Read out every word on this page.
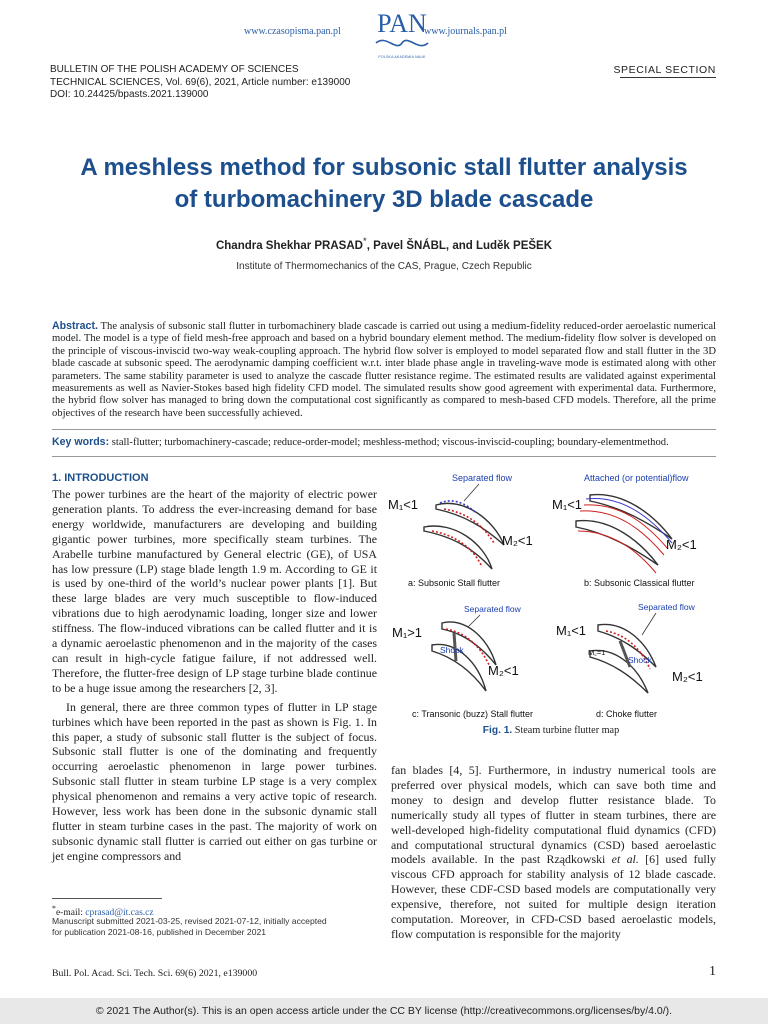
www.czasopisma.pan.pl PAN
POLSKA AKADEMIA NAUK
www.journals.pan.pl
BULLETIN OF THE POLISH ACADEMY OF SCIENCES
TECHNICAL SCIENCES, Vol. 69(6), 2021, Article number: e139000
DOI: 10.24425/bpasts.2021.139000
SPECIAL SECTION
A meshless method for subsonic stall flutter analysis
of turbomachinery 3D blade cascade
Chandra Shekhar PRASAD*, Pavel ŠNÁBL, and Luděk PEŠEK
Institute of Thermomechanics of the CAS, Prague, Czech Republic
Abstract. The analysis of subsonic stall flutter in turbomachinery blade cascade is carried out using a medium-fidelity reduced-order aeroelastic numerical model. The model is a type of field mesh-free approach and based on a hybrid boundary element method. The medium-fidelity flow solver is developed on the principle of viscous-inviscid two-way weak-coupling approach. The hybrid flow solver is employed to model separated flow and stall flutter in the 3D blade cascade at subsonic speed. The aerodynamic damping coefficient w.r.t. inter blade phase angle in traveling-wave mode is estimated along with other parameters. The same stability parameter is used to analyze the cascade flutter resistance regime. The estimated results are validated against experimental measurements as well as Navier-Stokes based high fidelity CFD model. The simulated results show good agreement with experimental data. Furthermore, the hybrid flow solver has managed to bring down the computational cost significantly as compared to mesh-based CFD models. Therefore, all the prime objectives of the research have been successfully achieved.
Key words: stall-flutter; turbomachinery-cascade; reduce-order-model; meshless-method; viscous-inviscid-coupling; boundary-elementmethod.
1. INTRODUCTION

The power turbines are the heart of the majority of electric power generation plants. To address the ever-increasing demand for base energy worldwide, manufacturers are developing and building gigantic power turbines, more specifically steam turbines. The Arabelle turbine manufactured by General electric (GE), of USA has low pressure (LP) stage blade length 1.9 m. According to GE it is used by one-third of the world’s nuclear power plants [1]. But these large blades are very much susceptible to flow-induced vibrations due to high aerodynamic loading, longer size and lower stiffness. The flow-induced vibrations can be called flutter and it is a dynamic aeroelastic phenomenon and in the majority of the cases can result in high-cycle fatigue failure, if not addressed well. Therefore, the flutter-free design of LP stage turbine blade continue to be a huge issue among the researchers [2, 3].

In general, there are three common types of flutter in LP stage turbines which have been reported in the past as shown is Fig. 1. In this paper, a study of subsonic stall flutter is the subject of focus. Subsonic stall flutter is one of the dominating and frequently occurring aeroelastic phenomenon in large power turbines. Subsonic stall flutter in steam turbine LP stage is a very complex physical phenomenon and remains a very active topic of research. However, less work has been done in the subsonic dynamic stall flutter in steam turbine cases in the past. The majority of work on subsonic dynamic stall flutter is carried out either on gas turbine or jet engine compressors and

Separated flow
M₁<1
M₂<1
a: Subsonic Stall flutter
Attached (or potential)flow
M₁<1
M₂<1
b: Subsonic Classical flutter
Separated flow
M₁>1
Shock
M₂<1
c: Transonic (buzz) Stall flutter
Separated flow
M₁<1
M꜀=1
Shock
M₂<1
d: Choke flutter
Fig. 1. Steam turbine flutter map

fan blades [4, 5]. Furthermore, in industry numerical tools are preferred over physical models, which can save both time and money to design and develop flutter resistance blade. To numerically study all types of flutter in steam turbines, there are well-developed high-fidelity computational fluid dynamics (CFD) and computational structural dynamics (CSD) based aeroelastic models available. In the past Rządkowski et al. [6] used fully viscous CFD approach for stability analysis of 12 blade cascade. However, these CDF-CSD based models are computationally very expensive, therefore, not suited for multiple design iteration computation. Moreover, in CFD-CSD based aeroelastic models, flow computation is responsible for the majority

*e-mail: cprasad@it.cas.cz
Manuscript submitted 2021-03-25, revised 2021-07-12, initially accepted
for publication 2021-08-16, published in December 2021
Bull. Pol. Acad. Sci. Tech. Sci. 69(6) 2021, e139000	1
© 2021 The Author(s). This is an open access article under the CC BY license (http://creativecommons.org/licenses/by/4.0/).
